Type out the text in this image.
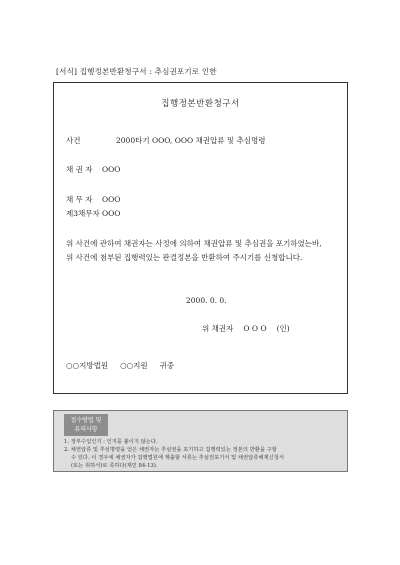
[서식] 집행정본반환청구서 : 추심권포기로 인한
집행정본반환청구서
사건	2000타기 OOO, OOO 채권압류 및 추심명령
채 권 자 OOO
채 무 자 OOO
제3채무자 OOO
위 사건에 관하여 채권자는 사정에 의하여 채권압류 및 추심권을 포기하였는바,
위 사건에 첨부된 집행력있는 판결정본을 반환하여 주시기를 신청합니다.
2000. 0. 0.
위 채권자 O O O (인)
○○지방법원 ○○지원 귀중
접수방법 및
유의사항
1. 정부수입인지 : 인지를 붙이지 않는다.
2. 채권압류 및 추심명령을 얻은 채권자는 추심권을 포기하고 집행력있는 정본의 반환을 구할
수 있다. 이 경우에 채권자가 집행법원에 제출할 서류는 추심권포기서 및 채권압류해제신청서
(또는 취하서)로 족하다(재민 84-13).
